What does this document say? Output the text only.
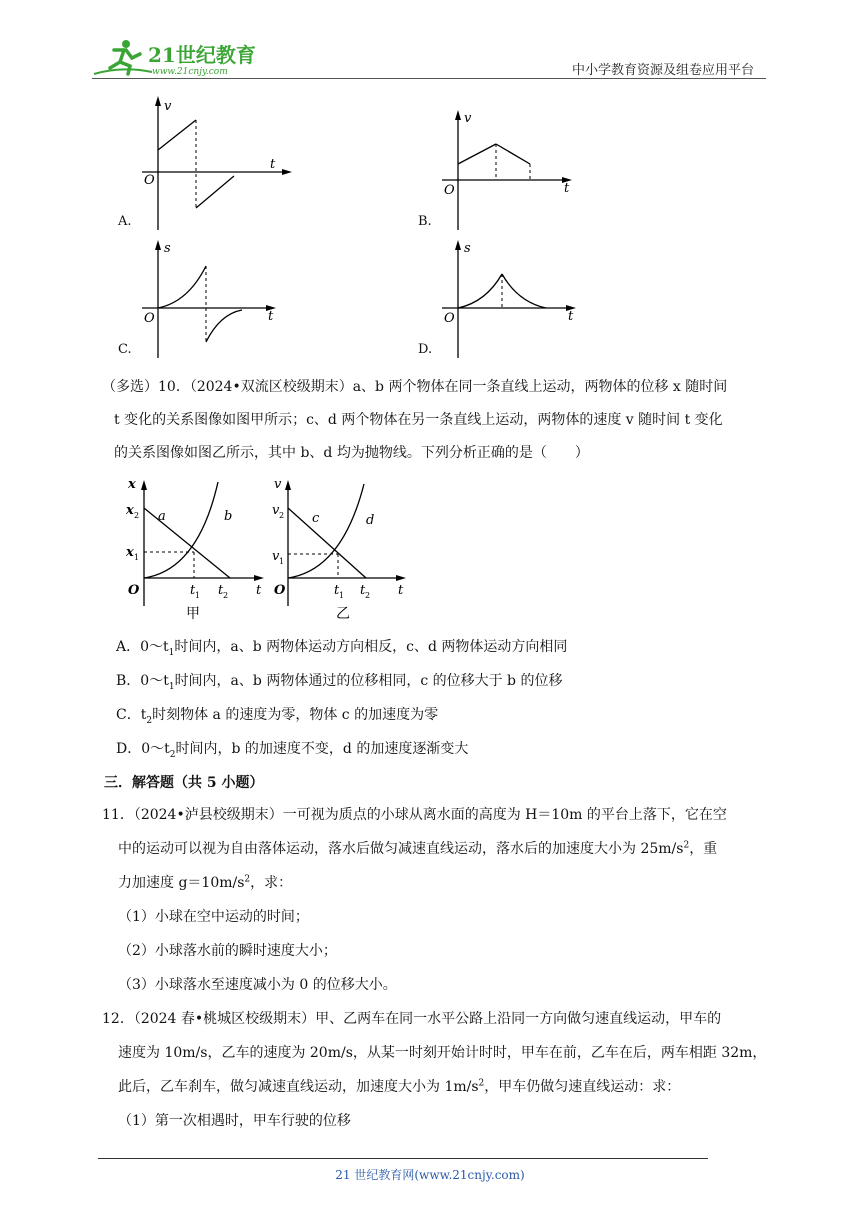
21世纪教育
www.21cnjy.com	中小学教育资源及组卷应用平台
A.
v
t
O
B.
v
t
O
C.
s
t
O
D.
s
t
O
（多选）10．（2024•双流区校级期末）a、b 两个物体在同一条直线上运动，两物体的位移 x 随时间
t 变化的关系图像如图甲所示；c、d 两个物体在另一条直线上运动，两物体的速度 v 随时间 t 变化
的关系图像如图乙所示，其中 b、d 均为抛物线。下列分析正确的是（　　）
x
x 2
x 1
a	b
O	t 1 t 2 t
甲
v
v 2
v 1
c	d
O	t 1 t 2 t
乙
A．$0\sim t_1$时间内，a、b 两物体运动方向相反，c、d 两物体运动方向相同
B．$0\sim t_1$时间内，a、b 两物体通过的位移相同，c 的位移大于 b 的位移
C．$t_2$时刻物体 a 的速度为零，物体 c 的加速度为零
D．$0\sim t_2$时间内，b 的加速度不变，d 的加速度逐渐变大
三．解答题（共 5 小题）
11．（2024•泸县校级期末）一可视为质点的小球从离水面的高度为 H＝10m 的平台上落下，它在空
中的运动可以视为自由落体运动，落水后做匀减速直线运动，落水后的加速度大小为 $25m/s^2$，重
力加速度 $g=10m/s^2$，求：
（1）小球在空中运动的时间；
（2）小球落水前的瞬时速度大小；
（3）小球落水至速度减小为 0 的位移大小。
12．（2024 春•桃城区校级期末）甲、乙两车在同一水平公路上沿同一方向做匀速直线运动，甲车的
速度为 10m/s，乙车的速度为 20m/s，从某一时刻开始计时时，甲车在前，乙车在后，两车相距 32m，
此后，乙车刹车，做匀减速直线运动，加速度大小为 $1m/s^2$，甲车仍做匀速直线运动：求：
（1）第一次相遇时，甲车行驶的位移
21 世纪教育网(www.21cnjy.com)
